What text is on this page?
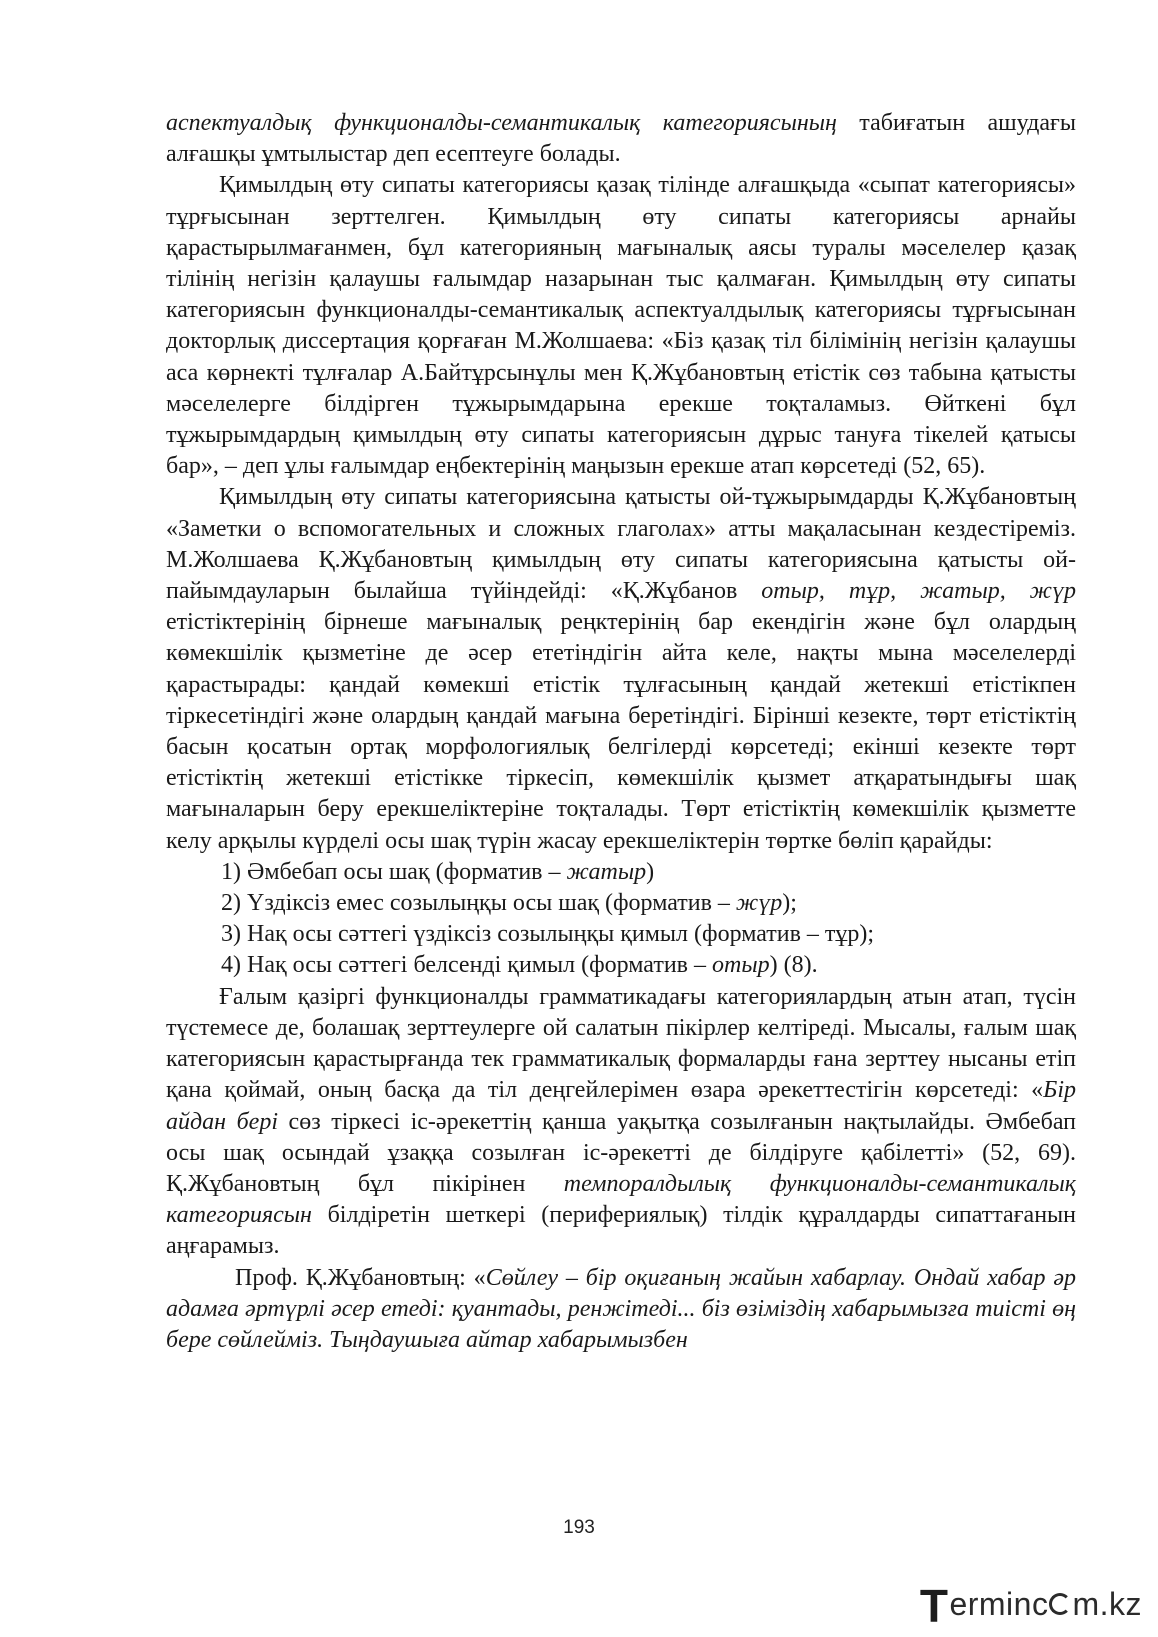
аспектуалдық функционалды-семантикалық категориясының табиғатын ашудағы алғашқы ұмтылыстар деп есептеуге болады.

Қимылдың өту сипаты категориясы қазақ тілінде алғашқыда «сыпат категориясы» тұрғысынан зерттелген. Қимылдың өту сипаты категориясы арнайы қарастырылмағанмен, бұл категорияның мағыналық аясы туралы мәселелер қазақ тілінің негізін қалаушы ғалымдар назарынан тыс қалмаған. Қимылдың өту сипаты категориясын функционалды-семантикалық аспектуалдылық категориясы тұрғысынан докторлық диссертация қорғаған М.Жолшаева: «Біз қазақ тіл білімінің негізін қалаушы аса көрнекті тұлғалар А.Байтұрсынұлы мен Қ.Жұбановтың етістік сөз табына қатысты мәселелерге білдірген тұжырымдарына ерекше тоқталамыз. Өйткені бұл тұжырымдардың қимылдың өту сипаты категориясын дұрыс тануға тікелей қатысы бар», – деп ұлы ғалымдар еңбектерінің маңызын ерекше атап көрсетеді (52, 65).

Қимылдың өту сипаты категориясына қатысты ой-тұжырымдарды Қ.Жұбановтың «Заметки о вспомогательных и сложных глаголах» атты мақаласынан кездестіреміз. М.Жолшаева Қ.Жұбановтың қимылдың өту сипаты категориясына қатысты ой-пайымдауларын былайша түйіндейді: «Қ.Жұбанов отыр, тұр, жатыр, жүр етістіктерінің бірнеше мағыналық реңктерінің бар екендігін және бұл олардың көмекшілік қызметіне де әсер ететіндігін айта келе, нақты мына мәселелерді қарастырады: қандай көмекші етістік тұлғасының қандай жетекші етістікпен тіркесетіндігі және олардың қандай мағына беретіндігі. Бірінші кезекте, төрт етістіктің басын қосатын ортақ морфологиялық белгілерді көрсетеді; екінші кезекте төрт етістіктің жетекші етістікке тіркесіп, көмекшілік қызмет атқаратындығы шақ мағыналарын беру ерекшеліктеріне тоқталады. Төрт етістіктің көмекшілік қызметте келу арқылы күрделі осы шақ түрін жасау ерекшеліктерін төртке бөліп қарайды:

1) Әмбебап осы шақ (форматив – жатыр)
2) Үздіксіз емес созылыңқы осы шақ (форматив – жүр);
3) Нақ осы сәттегі үздіксіз созылыңқы қимыл (форматив – тұр);
4) Нақ осы сәттегі белсенді қимыл (форматив – отыр) (8).

Ғалым қазіргі функционалды грамматикадағы категориялардың атын атап, түсін түстемесе де, болашақ зерттеулерге ой салатын пікірлер келтіреді. Мысалы, ғалым шақ категориясын қарастырғанда тек грамматикалық формаларды ғана зерттеу нысаны етіп қана қоймай, оның басқа да тіл деңгейлерімен өзара әрекеттестігін көрсетеді: «Бір айдан бері сөз тіркесі іс-әрекеттің қанша уақытқа созылғанын нақтылайды. Әмбебап осы шақ осындай ұзаққа созылған іс-әрекетті де білдіруге қабілетті» (52, 69). Қ.Жұбановтың бұл пікірінен темпоралдылық функционалды-семантикалық категориясын білдіретін шеткері (перифериялық) тілдік құралдарды сипаттағанын аңғарамыз.

Проф. Қ.Жұбановтың: «Сөйлеу – бір оқиғаның жайын хабарлау. Ондай хабар әр адамға әртүрлі әсер етеді: қуантады, ренжітеді... біз өзіміздің хабарымызға тиісті өң бере сөйлейміз. Тыңдаушыға айтар хабарымызбен

193
T erminc m.kz
